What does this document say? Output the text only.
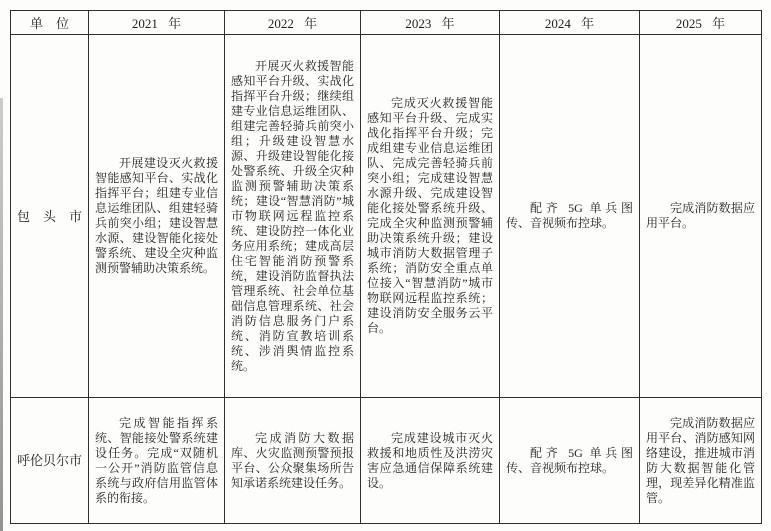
单　位	2021 年	2022 年	2023 年	2024 年	2025 年
包　头　市	开展建设灭火救援智能感知平台、实战化指挥平台；组建专业信息运维团队、组建轻骑兵前突小组；建设智慧水源、建设智能化接处警系统、建设全灾种监测预警辅助决策系统。	开展灭火救援智能感知平台升级、实战化指挥平台升级；继续组建专业信息运维团队、组建完善轻骑兵前突小组；升级建设智慧水源、升级建设智能化接处警系统、升级全灾种监测预警辅助决策系统；建设“智慧消防”城市物联网远程监控系统、建设防控一体化业务应用系统；建成高层住宅智能消防预警系统，建设消防监督执法管理系统、社会单位基础信息管理系统、社会消防信息服务门户系统、消防宣教培训系统、涉消舆情监控系统。	完成灭火救援智能感知平台升级、完成实战化指挥平台升级；完成组建专业信息运维团队、完成完善轻骑兵前突小组；完成建设智慧水源升级、完成建设智能化接处警系统升级、完成全灾种监测预警辅助决策系统升级；建设城市消防大数据管理子系统；消防安全重点单位接入“智慧消防”城市物联网远程监控系统；建设消防安全服务云平台。	配齐 5G 单兵图传、音视频布控球。	完成消防数据应用平台。

呼伦贝尔市	完成智能指挥系统、智能接处警系统建设任务。完成“双随机一公开”消防监管信息系统与政府信用监管体系的衔接。	完成消防大数据库、火灾监测预警预报平台、公众聚集场所告知承诺系统建设任务。	完成建设城市灭火救援和地质性及洪涝灾害应急通信保障系统建设。	配齐 5G 单兵图传、音视频布控球。	完成消防数据应用平台、消防感知网络建设，推进城市消防大数据智能化管理，现差异化精准监管。
